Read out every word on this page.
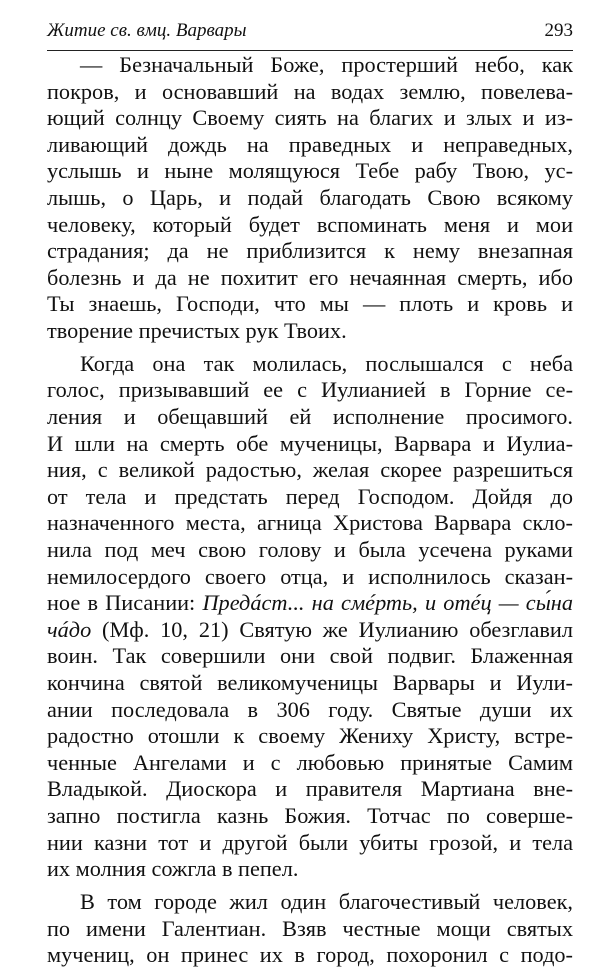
Житие св. вмц. Варвары	293
— Безначальный Боже, простерший небо, как
покров, и основавший на водах землю, повелева-
ющий солнцу Своему сиять на благих и злых и из-
ливающий дождь на праведных и неправедных,
услышь и ныне молящуюся Тебе рабу Твою, ус-
лышь, о Царь, и подай благодать Свою всякому
человеку, который будет вспоминать меня и мои
страдания; да не приблизится к нему внезапная
болезнь и да не похитит его нечаянная смерть, ибо
Ты знаешь, Господи, что мы — плоть и кровь и
творение пречистых рук Твоих.
Когда она так молилась, послышался с неба
голос, призывавший ее с Иулианией в Горние се-
ления и обещавший ей исполнение просимого.
И шли на смерть обе мученицы, Варвара и Иулиа-
ния, с великой радостью, желая скорее разрешиться
от тела и предстать перед Господом. Дойдя до
назначенного места, агница Христова Варвара скло-
нила под меч свою голову и была усечена руками
немилосердого своего отца, и исполнилось сказан-
ное в Писании: Предáст... на смéрть, и отéц — сы́на
чáдо (Мф. 10, 21) Святую же Иулианию обезглавил
воин. Так совершили они свой подвиг. Блаженная
кончина святой великомученицы Варвары и Иули-
ании последовала в 306 году. Святые души их
радостно отошли к своему Жениху Христу, встре-
ченные Ангелами и с любовью принятые Самим
Владыкой. Диоскора и правителя Мартиана вне-
запно постигла казнь Божия. Тотчас по соверше-
нии казни тот и другой были убиты грозой, и тела
их молния сожгла в пепел.
В том городе жил один благочестивый человек,
по имени Галентиан. Взяв честные мощи святых
мучениц, он принес их в город, похоронил с подо-
